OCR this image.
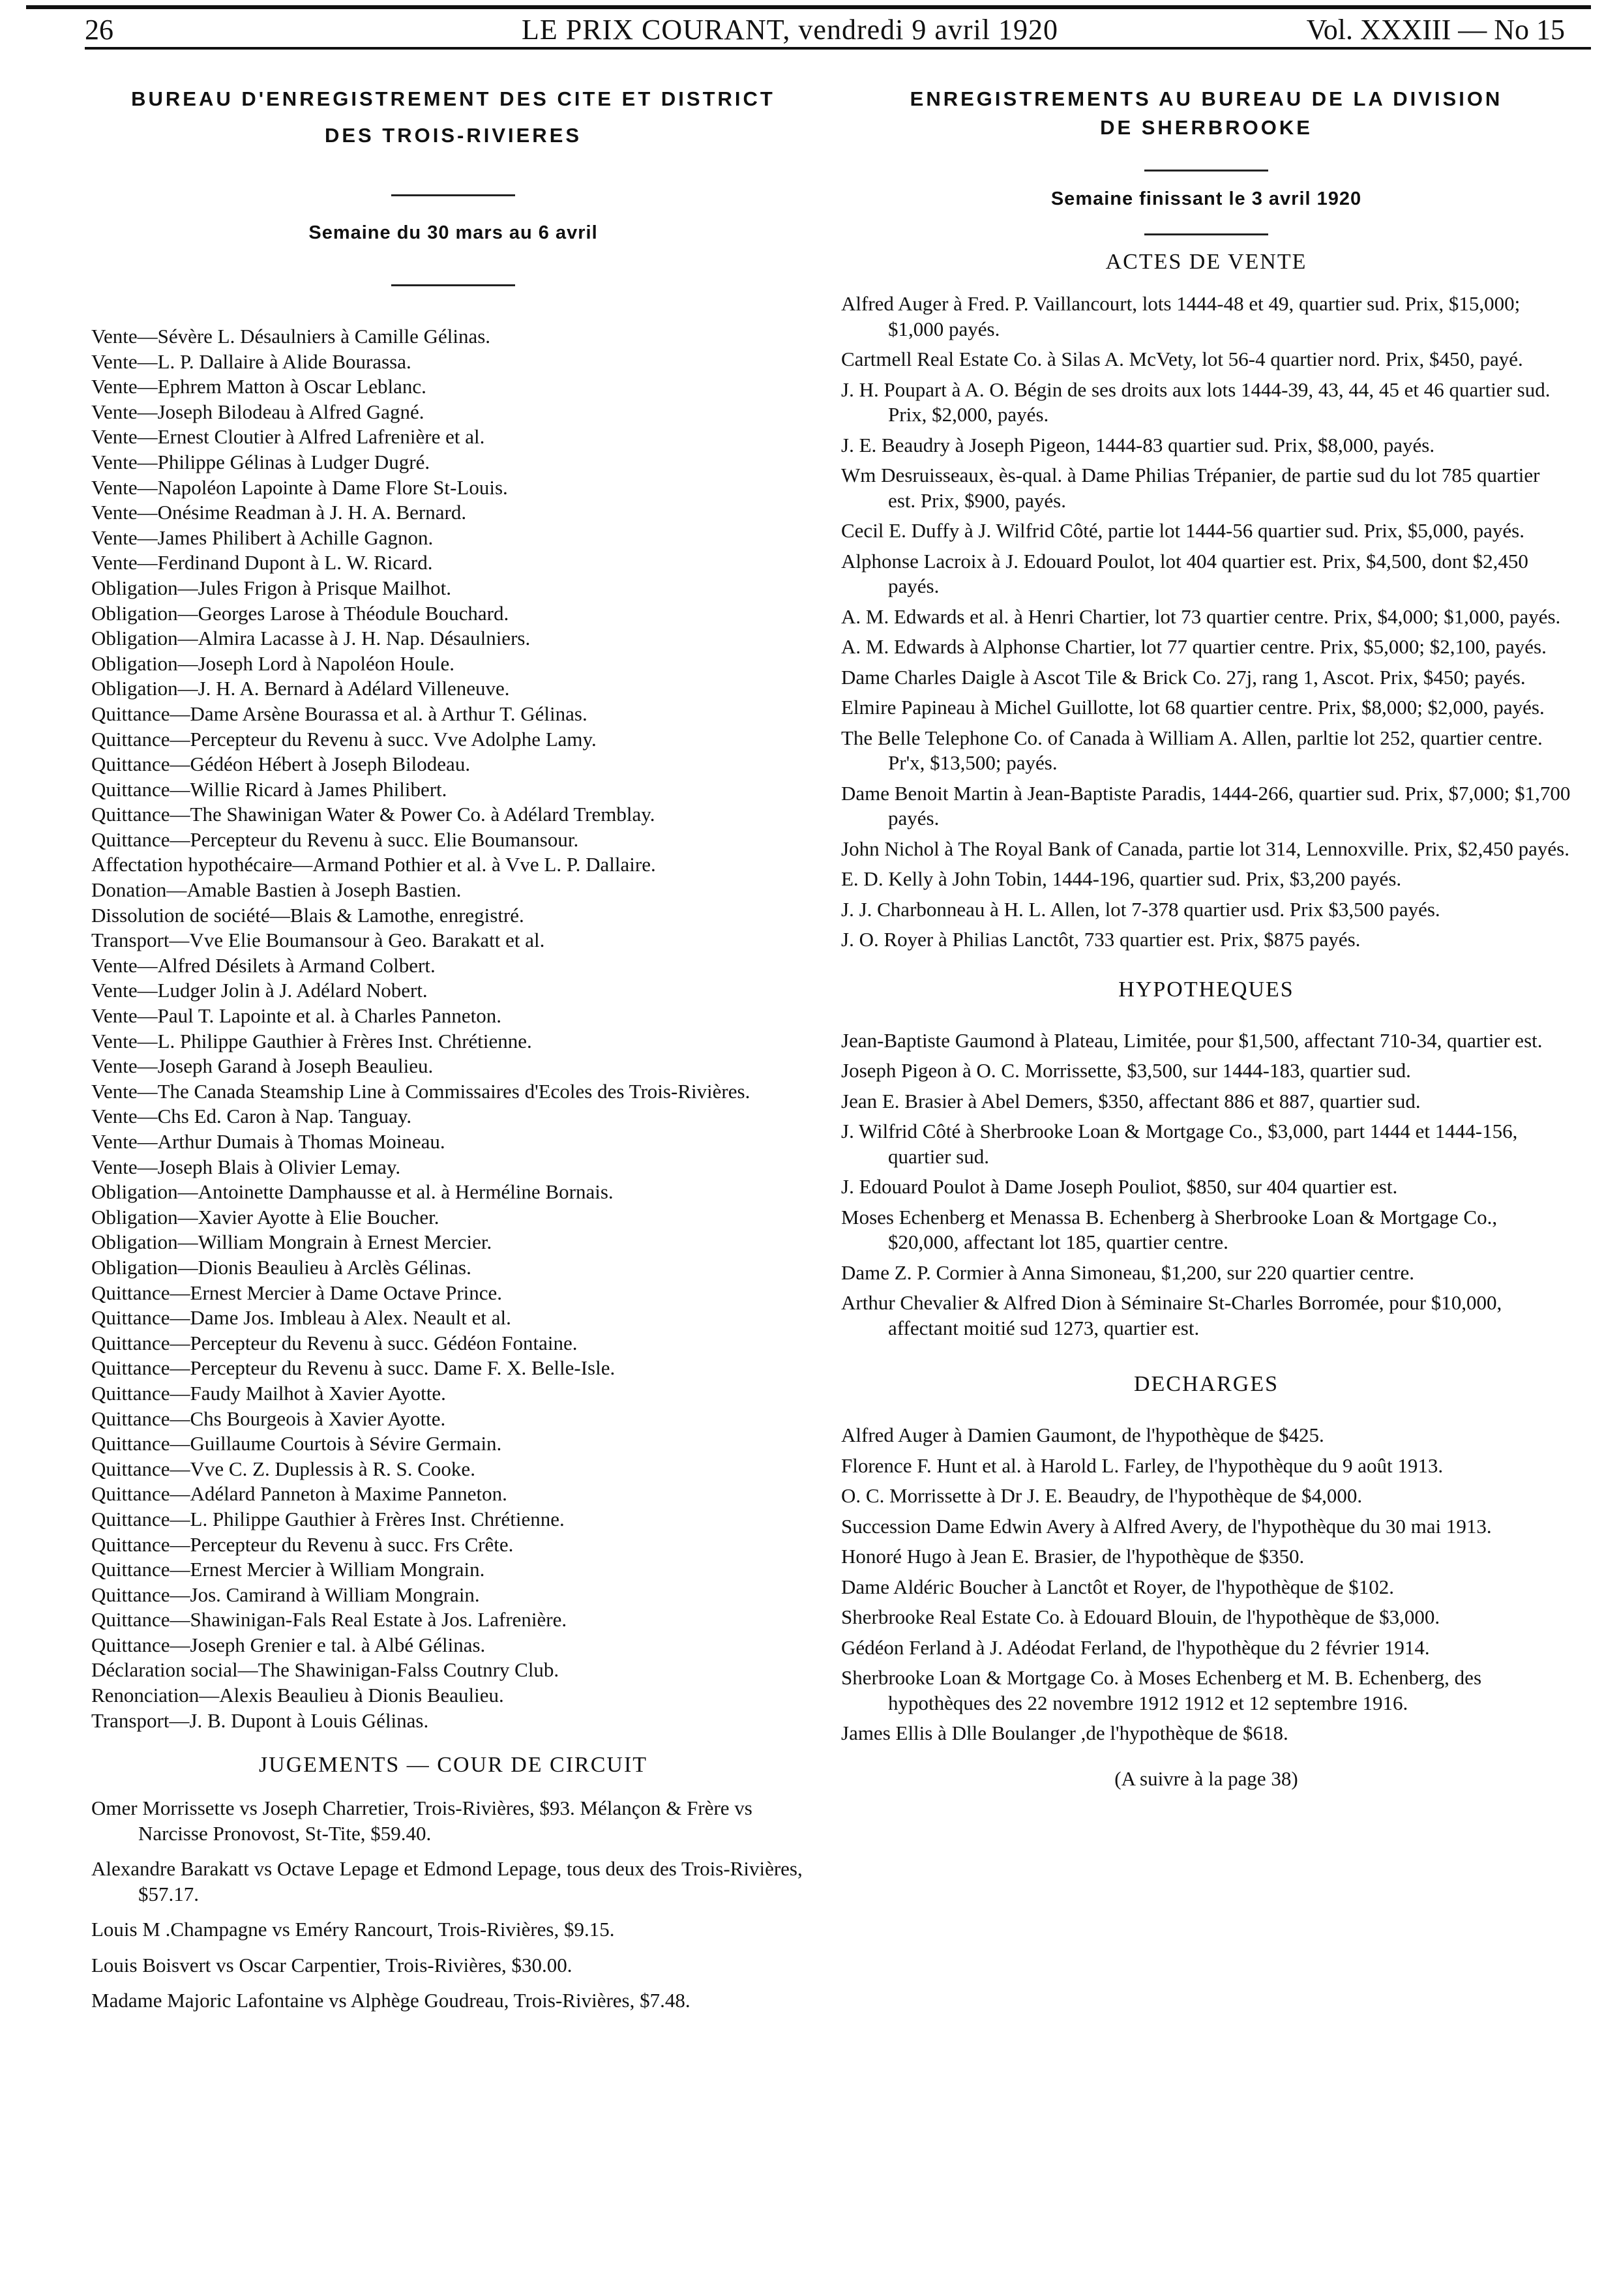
26	LE PRIX COURANT, vendredi 9 avril 1920	Vol. XXXIII — No 15

BUREAU D'ENREGISTREMENT DES CITE ET DISTRICT

DES TROIS-RIVIERES

Semaine du 30 mars au 6 avril

Vente—Sévère L. Désaulniers à Camille Gélinas.
Vente—L. P. Dallaire à Alide Bourassa.
Vente—Ephrem Matton à Oscar Leblanc.
Vente—Joseph Bilodeau à Alfred Gagné.
Vente—Ernest Cloutier à Alfred Lafrenière et al.
Vente—Philippe Gélinas à Ludger Dugré.
Vente—Napoléon Lapointe à Dame Flore St-Louis.
Vente—Onésime Readman à J. H. A. Bernard.
Vente—James Philibert à Achille Gagnon.
Vente—Ferdinand Dupont à L. W. Ricard.
Obligation—Jules Frigon à Prisque Mailhot.
Obligation—Georges Larose à Théodule Bouchard.
Obligation—Almira Lacasse à J. H. Nap. Désaulniers.
Obligation—Joseph Lord à Napoléon Houle.
Obligation—J. H. A. Bernard à Adélard Villeneuve.
Quittance—Dame Arsène Bourassa et al. à Arthur T. Gélinas.
Quittance—Percepteur du Revenu à succ. Vve Adolphe Lamy.
Quittance—Gédéon Hébert à Joseph Bilodeau.
Quittance—Willie Ricard à James Philibert.
Quittance—The Shawinigan Water & Power Co. à Adélard Tremblay.
Quittance—Percepteur du Revenu à succ. Elie Boumansour.
Affectation hypothécaire—Armand Pothier et al. à Vve L. P. Dallaire.
Donation—Amable Bastien à Joseph Bastien.
Dissolution de société—Blais & Lamothe, enregistré.
Transport—Vve Elie Boumansour à Geo. Barakatt et al.
Vente—Alfred Désilets à Armand Colbert.
Vente—Ludger Jolin à J. Adélard Nobert.
Vente—Paul T. Lapointe et al. à Charles Panneton.
Vente—L. Philippe Gauthier à Frères Inst. Chrétienne.
Vente—Joseph Garand à Joseph Beaulieu.
Vente—The Canada Steamship Line à Commissaires d'Ecoles des Trois-Rivières.
Vente—Chs Ed. Caron à Nap. Tanguay.
Vente—Arthur Dumais à Thomas Moineau.
Vente—Joseph Blais à Olivier Lemay.
Obligation—Antoinette Damphausse et al. à Herméline Bornais.
Obligation—Xavier Ayotte à Elie Boucher.
Obligation—William Mongrain à Ernest Mercier.
Obligation—Dionis Beaulieu à Arclès Gélinas.
Quittance—Ernest Mercier à Dame Octave Prince.
Quittance—Dame Jos. Imbleau à Alex. Neault et al.
Quittance—Percepteur du Revenu à succ. Gédéon Fontaine.
Quittance—Percepteur du Revenu à succ. Dame F. X. Belle-Isle.
Quittance—Faudy Mailhot à Xavier Ayotte.
Quittance—Chs Bourgeois à Xavier Ayotte.
Quittance—Guillaume Courtois à Sévire Germain.
Quittance—Vve C. Z. Duplessis à R. S. Cooke.
Quittance—Adélard Panneton à Maxime Panneton.
Quittance—L. Philippe Gauthier à Frères Inst. Chrétienne.
Quittance—Percepteur du Revenu à succ. Frs Crête.
Quittance—Ernest Mercier à William Mongrain.
Quittance—Jos. Camirand à William Mongrain.
Quittance—Shawinigan-Fals Real Estate à Jos. Lafrenière.
Quittance—Joseph Grenier e tal. à Albé Gélinas.
Déclaration social—The Shawinigan-Falss Coutnry Club.
Renonciation—Alexis Beaulieu à Dionis Beaulieu.
Transport—J. B. Dupont à Louis Gélinas.

JUGEMENTS — COUR DE CIRCUIT

Omer Morrissette vs Joseph Charretier, Trois-Rivières, $93. Mélançon & Frère vs Narcisse Pronovost, St-Tite, $59.40.
Alexandre Barakatt vs Octave Lepage et Edmond Lepage, tous deux des Trois-Rivières, $57.17.
Louis M .Champagne vs Eméry Rancourt, Trois-Rivières, $9.15.
Louis Boisvert vs Oscar Carpentier, Trois-Rivières, $30.00.
Madame Majoric Lafontaine vs Alphège Goudreau, Trois-Rivières, $7.48.

ENREGISTREMENTS AU BUREAU DE LA DIVISION

DE SHERBROOKE

Semaine finissant le 3 avril 1920

ACTES DE VENTE

Alfred Auger à Fred. P. Vaillancourt, lots 1444-48 et 49, quartier sud. Prix, $15,000; $1,000 payés.
Cartmell Real Estate Co. à Silas A. McVety, lot 56-4 quartier nord. Prix, $450, payé.
J. H. Poupart à A. O. Bégin de ses droits aux lots 1444-39, 43, 44, 45 et 46 quartier sud. Prix, $2,000, payés.
J. E. Beaudry à Joseph Pigeon, 1444-83 quartier sud. Prix, $8,000, payés.
Wm Desruisseaux, ès-qual. à Dame Philias Trépanier, de partie sud du lot 785 quartier est. Prix, $900, payés.
Cecil E. Duffy à J. Wilfrid Côté, partie lot 1444-56 quartier sud. Prix, $5,000, payés.
Alphonse Lacroix à J. Edouard Poulot, lot 404 quartier est. Prix, $4,500, dont $2,450 payés.
A. M. Edwards et al. à Henri Chartier, lot 73 quartier centre. Prix, $4,000; $1,000, payés.
A. M. Edwards à Alphonse Chartier, lot 77 quartier centre. Prix, $5,000; $2,100, payés.
Dame Charles Daigle à Ascot Tile & Brick Co. 27j, rang 1, Ascot. Prix, $450; payés.
Elmire Papineau à Michel Guillotte, lot 68 quartier centre. Prix, $8,000; $2,000, payés.
The Belle Telephone Co. of Canada à William A. Allen, parltie lot 252, quartier centre. Pr'x, $13,500; payés.
Dame Benoit Martin à Jean-Baptiste Paradis, 1444-266, quartier sud. Prix, $7,000; $1,700 payés.
John Nichol à The Royal Bank of Canada, partie lot 314, Lennoxville. Prix, $2,450 payés.
E. D. Kelly à John Tobin, 1444-196, quartier sud. Prix, $3,200 payés.
J. J. Charbonneau à H. L. Allen, lot 7-378 quartier usd. Prix $3,500 payés.
J. O. Royer à Philias Lanctôt, 733 quartier est. Prix, $875 payés.

HYPOTHEQUES

Jean-Baptiste Gaumond à Plateau, Limitée, pour $1,500, affectant 710-34, quartier est.
Joseph Pigeon à O. C. Morrissette, $3,500, sur 1444-183, quartier sud.
Jean E. Brasier à Abel Demers, $350, affectant 886 et 887, quartier sud.
J. Wilfrid Côté à Sherbrooke Loan & Mortgage Co., $3,000, part 1444 et 1444-156, quartier sud.
J. Edouard Poulot à Dame Joseph Pouliot, $850, sur 404 quartier est.
Moses Echenberg et Menassa B. Echenberg à Sherbrooke Loan & Mortgage Co., $20,000, affectant lot 185, quartier centre.
Dame Z. P. Cormier à Anna Simoneau, $1,200, sur 220 quartier centre.
Arthur Chevalier & Alfred Dion à Séminaire St-Charles Borromée, pour $10,000, affectant moitié sud 1273, quartier est.

DECHARGES

Alfred Auger à Damien Gaumont, de l'hypothèque de $425.
Florence F. Hunt et al. à Harold L. Farley, de l'hypothèque du 9 août 1913.
O. C. Morrissette à Dr J. E. Beaudry, de l'hypothèque de $4,000.
Succession Dame Edwin Avery à Alfred Avery, de l'hypothèque du 30 mai 1913.
Honoré Hugo à Jean E. Brasier, de l'hypothèque de $350.
Dame Aldéric Boucher à Lanctôt et Royer, de l'hypothèque de $102.
Sherbrooke Real Estate Co. à Edouard Blouin, de l'hypothèque de $3,000.
Gédéon Ferland à J. Adéodat Ferland, de l'hypothèque du 2 février 1914.
Sherbrooke Loan & Mortgage Co. à Moses Echenberg et M. B. Echenberg, des hypothèques des 22 novembre 1912 1912 et 12 septembre 1916.
James Ellis à Dlle Boulanger ,de l'hypothèque de $618.

(A suivre à la page 38)
